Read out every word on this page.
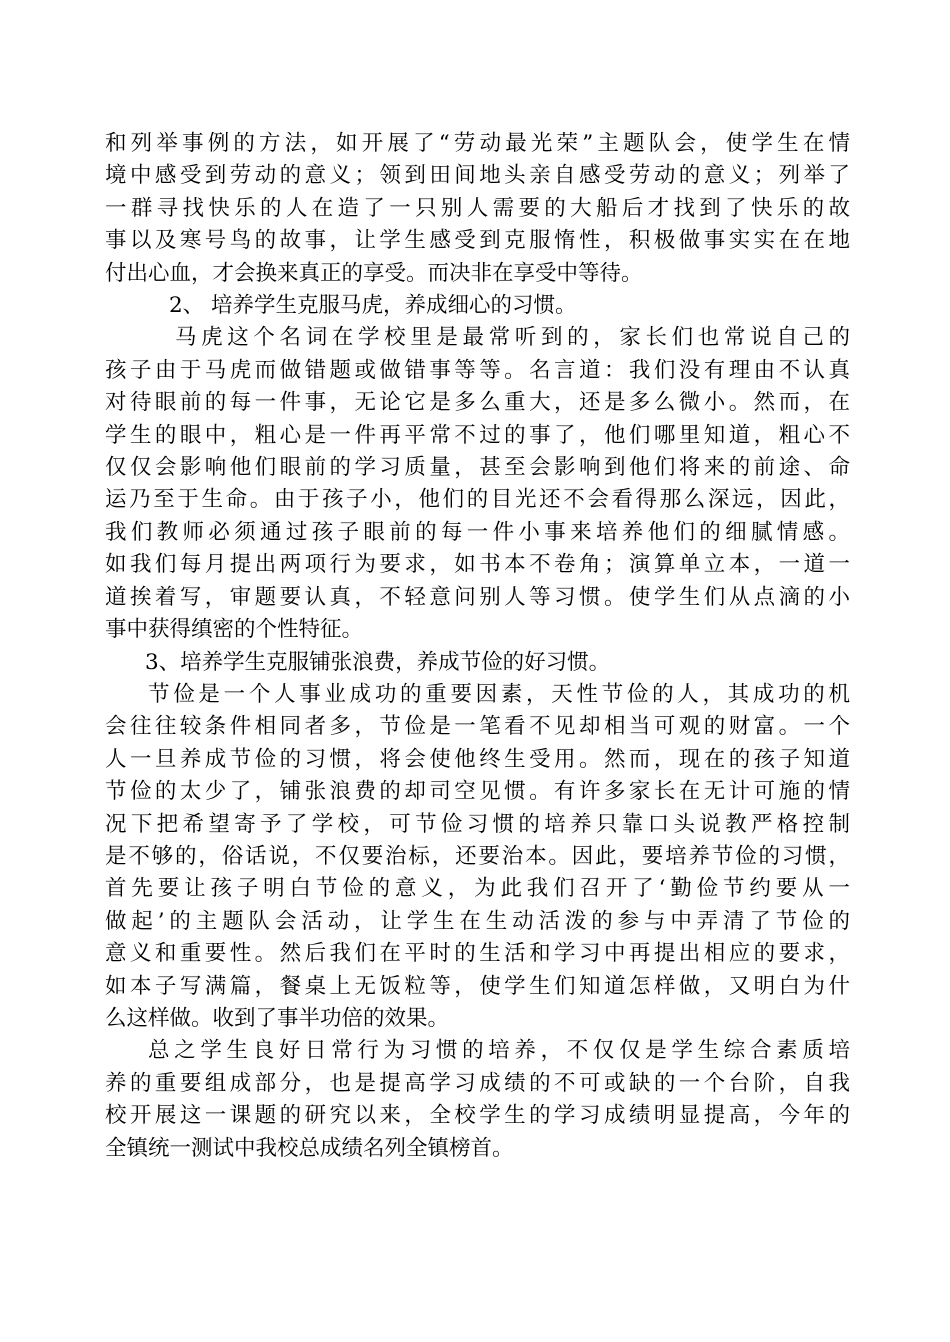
和列举事例的方法，如开展了“劳动最光荣”主题队会，使学生在情
境中感受到劳动的意义；领到田间地头亲自感受劳动的意义；列举了
一群寻找快乐的人在造了一只别人需要的大船后才找到了快乐的故
事以及寒号鸟的故事，让学生感受到克服惰性，积极做事实实在在地
付出心血，才会换来真正的享受。而决非在享受中等待。
2、 培养学生克服马虎，养成细心的习惯。
马虎这个名词在学校里是最常听到的，家长们也常说自己的
孩子由于马虎而做错题或做错事等等。名言道：我们没有理由不认真
对待眼前的每一件事，无论它是多么重大，还是多么微小。然而，在
学生的眼中，粗心是一件再平常不过的事了，他们哪里知道，粗心不
仅仅会影响他们眼前的学习质量，甚至会影响到他们将来的前途、命
运乃至于生命。由于孩子小，他们的目光还不会看得那么深远，因此，
我们教师必须通过孩子眼前的每一件小事来培养他们的细腻情感。
如我们每月提出两项行为要求，如书本不卷角；演算单立本，一道一
道挨着写，审题要认真，不轻意问别人等习惯。使学生们从点滴的小
事中获得缜密的个性特征。
3、培养学生克服铺张浪费，养成节俭的好习惯。
节俭是一个人事业成功的重要因素，天性节俭的人，其成功的机
会往往较条件相同者多，节俭是一笔看不见却相当可观的财富。一个
人一旦养成节俭的习惯，将会使他终生受用。然而，现在的孩子知道
节俭的太少了，铺张浪费的却司空见惯。有许多家长在无计可施的情
况下把希望寄予了学校，可节俭习惯的培养只靠口头说教严格控制
是不够的，俗话说，不仅要治标，还要治本。因此，要培养节俭的习惯，
首先要让孩子明白节俭的意义，为此我们召开了‘勤俭节约要从一
做起’的主题队会活动，让学生在生动活泼的参与中弄清了节俭的
意义和重要性。然后我们在平时的生活和学习中再提出相应的要求，
如本子写满篇，餐桌上无饭粒等，使学生们知道怎样做，又明白为什
么这样做。收到了事半功倍的效果。
总之学生良好日常行为习惯的培养，不仅仅是学生综合素质培
养的重要组成部分，也是提高学习成绩的不可或缺的一个台阶，自我
校开展这一课题的研究以来，全校学生的学习成绩明显提高，今年的
全镇统一测试中我校总成绩名列全镇榜首。
